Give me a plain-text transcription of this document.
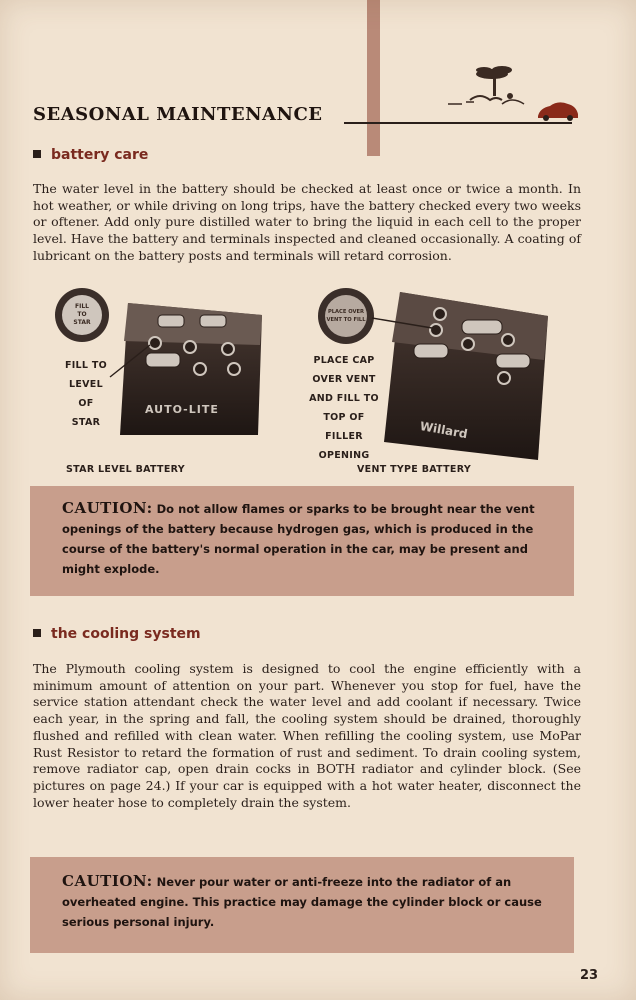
SEASONAL MAINTENANCE
battery care
The water level in the battery should be checked at least once or twice a month. In hot weather, or while driving on long trips, have the battery checked every two weeks or oftener. Add only pure distilled water to bring the liquid in each cell to the proper level. Have the battery and terminals inspected and cleaned occasionally. A coating of lubricant on the battery posts and terminals will retard corrosion.
AUTO-LITE
FILL
TO
STAR
FILL TO
LEVEL OF
STAR
STAR LEVEL BATTERY
Willard
PLACE OVER
VENT TO FILL
PLACE CAP
OVER VENT
AND FILL TO
TOP OF
FILLER OPENING
VENT TYPE BATTERY
CAUTION: Do not allow flames or sparks to be brought near the vent openings of the battery because hydrogen gas, which is produced in the course of the battery's normal operation in the car, may be present and might explode.
the cooling system
The Plymouth cooling system is designed to cool the engine efficiently with a minimum amount of attention on your part. Whenever you stop for fuel, have the service station attendant check the water level and add coolant if necessary. Twice each year, in the spring and fall, the cooling system should be drained, thoroughly flushed and refilled with clean water. When refilling the cooling system, use MoPar Rust Resistor to retard the formation of rust and sediment. To drain cooling system, remove radiator cap, open drain cocks in BOTH radiator and cylinder block. (See pictures on page 24.) If your car is equipped with a hot water heater, disconnect the lower heater hose to completely drain the system.
CAUTION: Never pour water or anti-freeze into the radiator of an overheated engine. This practice may damage the cylinder block or cause serious personal injury.
23
